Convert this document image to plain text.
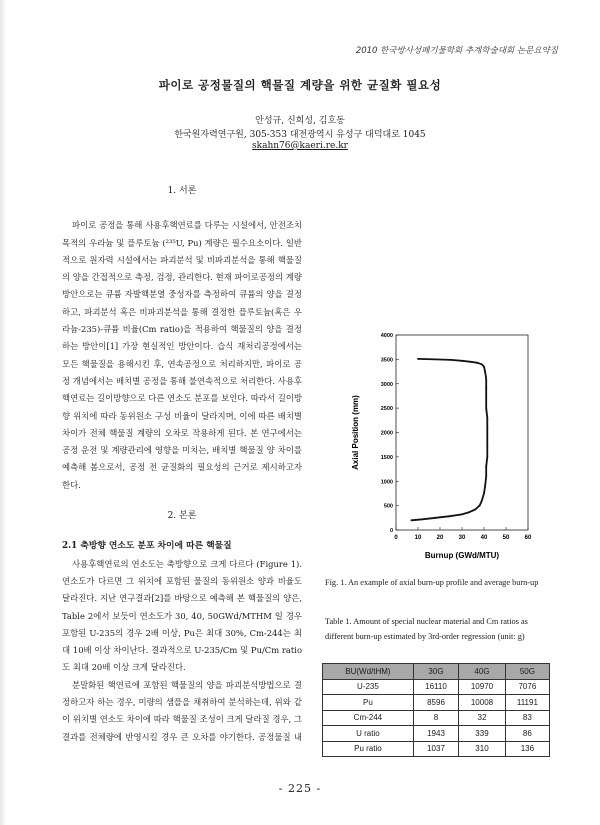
2010 한국방사성폐기물학회 추계학술대회 논문요약집
파이로 공정물질의 핵물질 계량을 위한 균질화 필요성
안성규, 신희성, 김호동
한국원자력연구원, 305-353 대전광역시 유성구 대덕대로 1045
skahn76@kaeri.re.kr
1. 서론

파이로 공정을 통해 사용후핵연료를 다루는 시설에서, 안전조치 목적의 우라늄 및 플루토늄 (²³⁵U, Pu) 계량은 필수요소이다. 일반적으로 원자력 시설에서는 파괴분석 및 비파괴분석을 통해 핵물질의 양을 간접적으로 측정, 검정, 관리한다. 현재 파이로공정의 계량 방안으로는 큐륨 자발핵분열 중성자를 측정하여 큐륨의 양을 결정하고, 파괴분석 혹은 비파괴분석을 통해 결정한 플루토늄(혹은 우라늄-235)-큐륨 비율(Cm ratio)을 적용하여 핵물질의 양을 결정하는 방안이[1] 가장 현실적인 방안이다. 습식 재처리공정에서는 모든 핵물질을 용해시킨 후, 연속공정으로 처리하지만, 파이로 공정 개념에서는 배치별 공정을 통해 불연속적으로 처리한다. 사용후핵연료는 길이방향으로 다른 연소도 분포를 보인다. 따라서 길이방향 위치에 따라 동위원소 구성 비율이 달라지며, 이에 따른 배치별 차이가 전체 핵물질 계량의 오차로 작용하게 된다. 본 연구에서는 공정 운전 및 계량관리에 영향을 미치는, 배치별 핵물질 양 차이를 예측해 봄으로서, 공정 전 균질화의 필요성의 근거로 제시하고자 한다.

2. 본론
2.1 축방향 연소도 분포 차이에 따른 핵물질

사용후핵연료의 연소도는 축방향으로 크게 다르다 (Figure 1). 연소도가 다르면 그 위치에 포함된 물질의 동위원소 양과 비율도 달라진다. 지난 연구결과[2]를 바탕으로 예측해 본 핵물질의 양은, Table 2에서 보듯이 연소도가 30, 40, 50GWd/MTHM 일 경우 포함된 U-235의 경우 2배 이상, Pu은 최대 30%, Cm-244는 최대 10배 이상 차이난다. 결과적으로 U-235/Cm 및 Pu/Cm ratio도 최대 20배 이상 크게 달라진다.

분말화된 핵연료에 포함된 핵물질의 양을 파괴분석방법으로 결정하고자 하는 경우, 미량의 샘플을 채취하여 분석하는데, 위와 같이 위치별 연소도 차이에 따라 핵물질 조성이 크게 달라질 경우, 그 결과를 전체량에 반영시킬 경우 큰 오차를 야기한다. 공정물질 내

0	10	20	30	40	50	60
0
500
1000
1500
2000
2500
3000
3500
4000
Burnup (GWd/MTU)
Axial Position (mm)
Fig. 1. An example of axial burn-up profile and average burn-up
Table 1. Amount of special nuclear material and Cm ratios as different burn-up estimated by 3rd-order regression (unit: g)
BU(Wd/tHM)	30G	40G	50G
U-235	16110	10970	7076
Pu	8596	10008	11191
Cm-244	8	32	83
U ratio	1943	339	86
Pu ratio	1037	310	136
- 225 -
